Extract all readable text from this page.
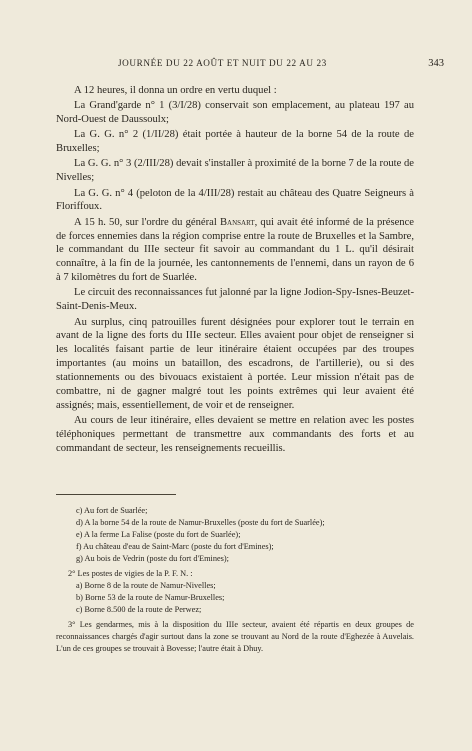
JOURNÉE DU 22 AOÛT ET NUIT DU 22 AU 23	343

A 12 heures, il donna un ordre en vertu duquel :

La Grand'garde n° 1 (3/I/28) conservait son emplacement, au plateau 197 au Nord-Ouest de Daussoulx;

La G. G. n° 2 (1/II/28) était portée à hauteur de la borne 54 de la route de Bruxelles;

La G. G. n° 3 (2/III/28) devait s'installer à proximité de la borne 7 de la route de Nivelles;

La G. G. n° 4 (peloton de la 4/III/28) restait au château des Quatre Seigneurs à Floriffoux.

A 15 h. 50, sur l'ordre du général Bansart, qui avait été informé de la présence de forces ennemies dans la région comprise entre la route de Bruxelles et la Sambre, le commandant du IIIe secteur fit savoir au commandant du 1 L. qu'il désirait connaître, à la fin de la journée, les cantonnements de l'ennemi, dans un rayon de 6 à 7 kilomètres du fort de Suarlée.

Le circuit des reconnaissances fut jalonné par la ligne Jodion-Spy-Isnes-Beuzet-Saint-Denis-Meux.

Au surplus, cinq patrouilles furent désignées pour explorer tout le terrain en avant de la ligne des forts du IIIe secteur. Elles avaient pour objet de renseigner si les localités faisant partie de leur itinéraire étaient occupées par des troupes importantes (au moins un bataillon, des escadrons, de l'artillerie), ou si des stationnements ou des bivouacs existaient à portée. Leur mission n'était pas de combattre, ni de gagner malgré tout les points extrêmes qui leur avaient été assignés; mais, essentiellement, de voir et de renseigner.

Au cours de leur itinéraire, elles devaient se mettre en relation avec les postes téléphoniques permettant de transmettre aux commandants des forts et au commandant de secteur, les renseignements recueillis.

c) Au fort de Suarlée;
d) A la borne 54 de la route de Namur-Bruxelles (poste du fort de Suarlée);
e) A la ferme La Falise (poste du fort de Suarlée);
f) Au château d'eau de Saint-Marc (poste du fort d'Emines);
g) Au bois de Vedrin (poste du fort d'Emines);
2° Les postes de vigies de la P. F. N. :
a) Borne 8 de la route de Namur-Nivelles;
b) Borne 53 de la route de Namur-Bruxelles;
c) Borne 8.500 de la route de Perwez;
3° Les gendarmes, mis à la disposition du IIIe secteur, avaient été répartis en deux groupes de reconnaissances chargés d'agir surtout dans la zone se trouvant au Nord de la route d'Eghezée à Auvelais. L'un de ces groupes se trouvait à Bovesse; l'autre était à Dhuy.
